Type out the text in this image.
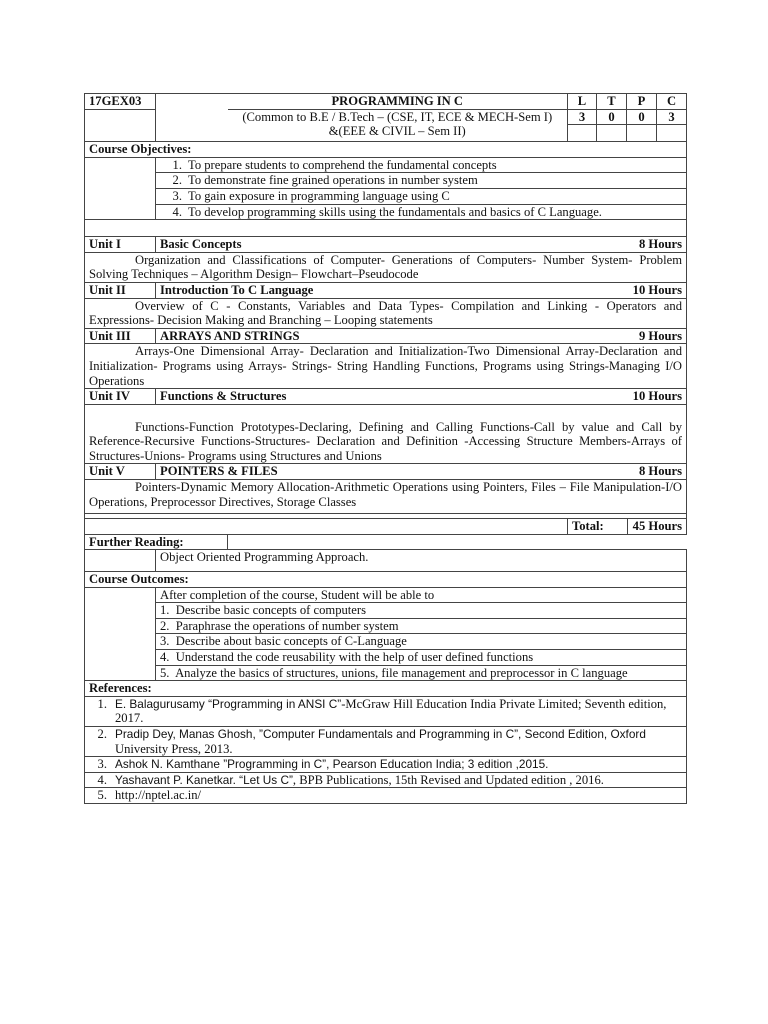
17GEX03		PROGRAMMING IN C	L	T	P	C
		(Common to B.E / B.Tech – (CSE, IT, ECE & MECH-Sem I)
&(EEE & CIVIL – Sem II)	3	0	0	3

Course Objectives:						
	1. To prepare students to comprehend the fundamental concepts					
	2. To demonstrate fine grained operations in number system					
	3. To gain exposure in programming language using C					
	4. To develop programming skills using the fundamentals and basics of C Language.					

Unit I	Basic Concepts		8 Hours			
Organization and Classifications of Computer- Generations of Computers- Number System- Problem Solving Techniques – Algorithm Design– Flowchart–Pseudocode						
Unit II	Introduction To C Language		10 Hours			
Overview of C - Constants, Variables and Data Types- Compilation and Linking - Operators and Expressions- Decision Making and Branching – Looping statements						
Unit III	ARRAYS AND STRINGS		9 Hours			
Arrays-One Dimensional Array- Declaration and Initialization-Two Dimensional Array-Declaration and Initialization- Programs using Arrays- Strings- String Handling Functions, Programs using Strings-Managing I/O Operations						
Unit IV	Functions & Structures		10 Hours			
Functions-Function Prototypes-Declaring, Defining and Calling Functions-Call by value and Call by Reference-Recursive Functions-Structures- Declaration and Definition -Accessing Structure Members-Arrays of Structures-Unions- Programs using Structures and Unions						
Unit V	POINTERS & FILES		8 Hours			
Pointers-Dynamic Memory Allocation-Arithmetic Operations using Pointers, Files – File Manipulation-I/O Operations, Preprocessor Directives, Storage Classes						

			Total: 45 Hours			

Further Reading:						
	Object Oriented Programming Approach.					
Course Outcomes:						
	After completion of the course, Student will be able to					
	1.  Describe basic concepts of computers					
	2.  Paraphrase the operations of number system					
	3.  Describe about basic concepts of C-Language					
	4.  Understand the code reusability with the help of user defined functions					
	5.  Analyze the basics of structures, unions, file management and preprocessor in C language					
References:						
1. E. Balagurusamy “Programming in ANSI C”-McGraw Hill Education India Private Limited; Seventh edition, 2017.						
2. Pradip Dey, Manas Ghosh, ”Computer Fundamentals and Programming in C”, Second Edition, Oxford University Press, 2013.						
3. Ashok N. Kamthane ”Programming in C”, Pearson Education India; 3 edition ,2015.						
4. Yashavant P. Kanetkar. “Let Us C”, BPB Publications, 15th Revised and Updated edition , 2016.						
5. http://nptel.ac.in/						
